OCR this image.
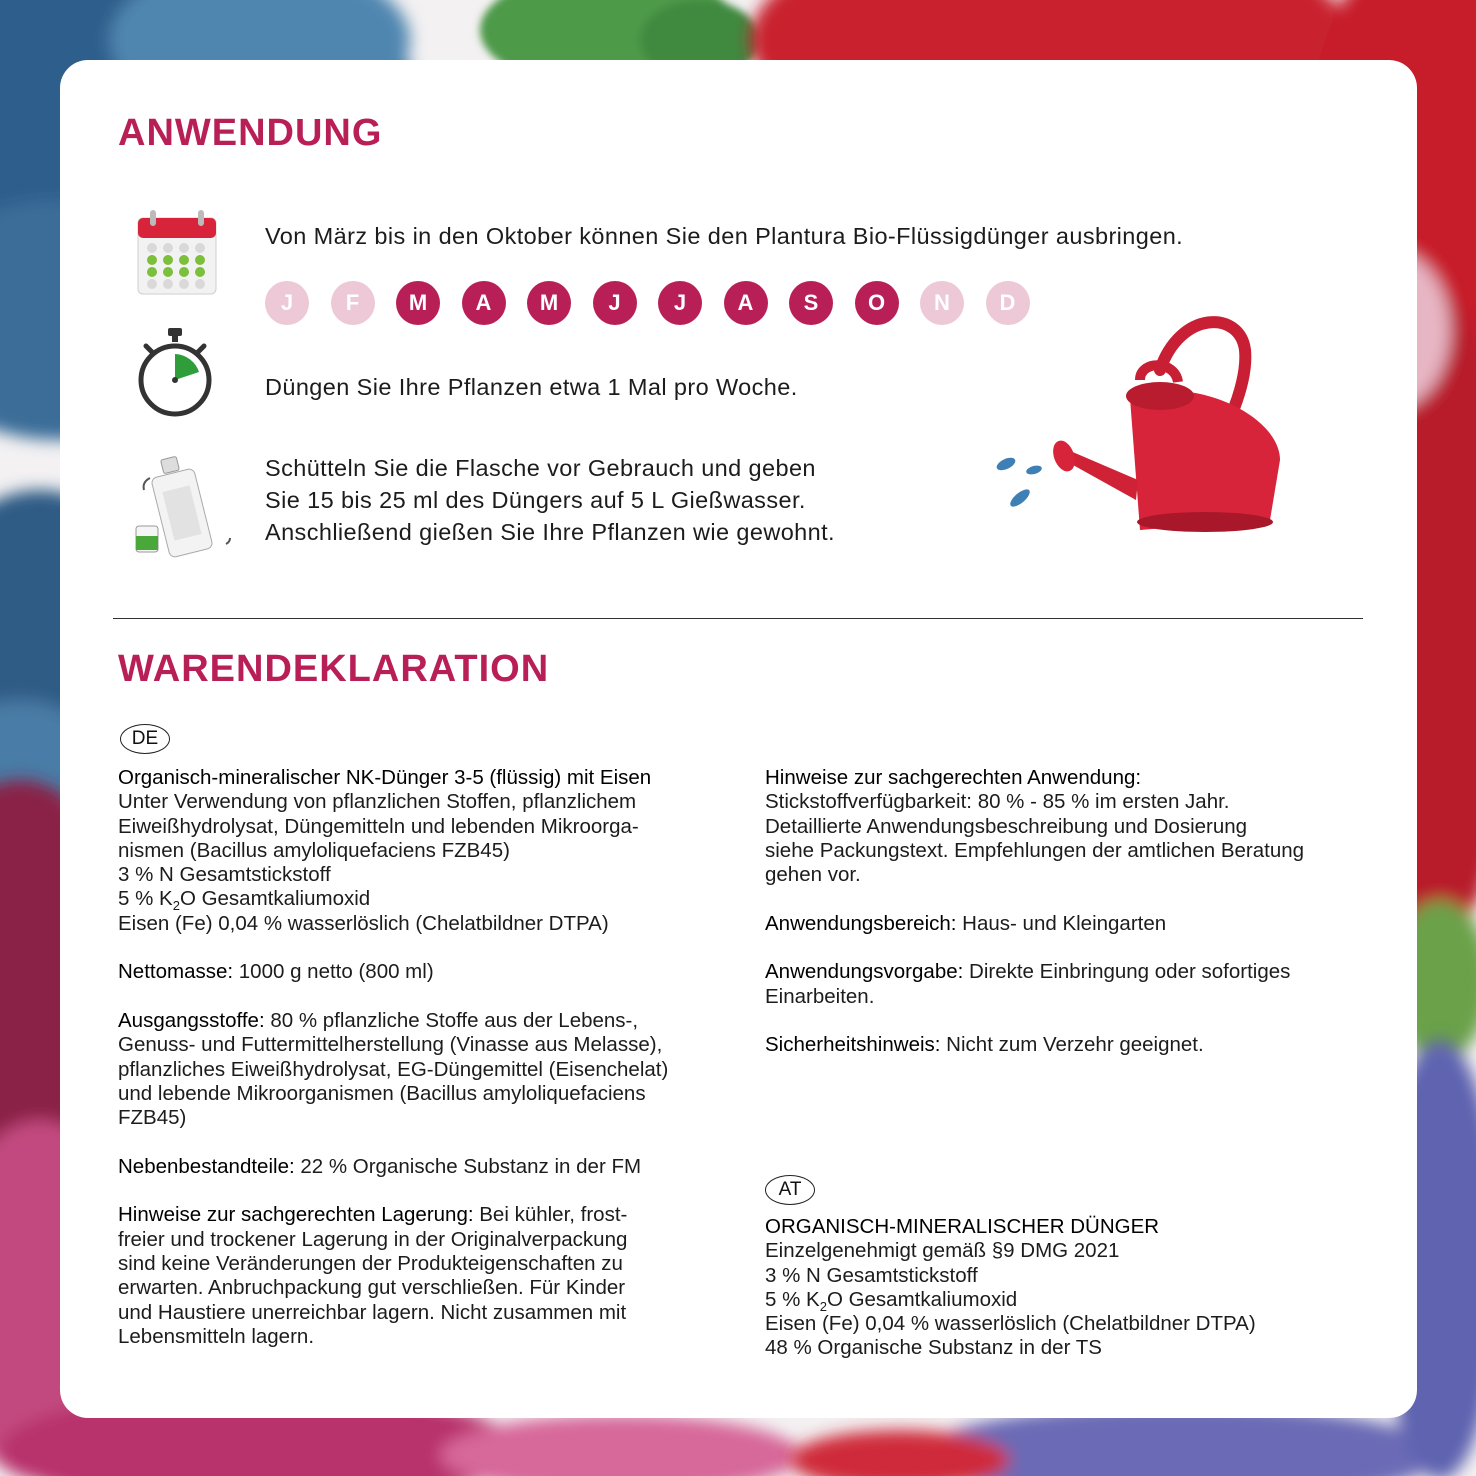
ANWENDUNG
Von März bis in den Oktober können Sie den Plantura Bio-Flüssigdünger ausbringen.
J	F	M	A	M	J	J	A	S	O	N	D
Düngen Sie Ihre Pflanzen etwa 1 Mal pro Woche.
Schütteln Sie die Flasche vor Gebrauch und geben
Sie 15 bis 25 ml des Düngers auf 5 L Gießwasser.
Anschließend gießen Sie Ihre Pflanzen wie gewohnt.
WARENDEKLARATION
DE
Organisch-mineralischer NK-Dünger 3-5 (flüssig) mit Eisen
Unter Verwendung von pflanzlichen Stoffen, pflanzlichem
Eiweißhydrolysat, Düngemitteln und lebenden Mikroorga-
nismen (Bacillus amyloliquefaciens FZB45)
3 % N Gesamtstickstoff
5 % $K_2O$ Gesamtkaliumoxid
Eisen (Fe) 0,04 % wasserlöslich (Chelatbildner DTPA)
Nettomasse: 1000 g netto (800 ml)
Ausgangsstoffe: 80 % pflanzliche Stoffe aus der Lebens-,
Genuss- und Futtermittelherstellung (Vinasse aus Melasse),
pflanzliches Eiweißhydrolysat, EG-Düngemittel (Eisenchelat)
und lebende Mikroorganismen (Bacillus amyloliquefaciens
FZB45)
Nebenbestandteile: 22 % Organische Substanz in der FM
Hinweise zur sachgerechten Lagerung: Bei kühler, frost-
freier und trockener Lagerung in der Originalverpackung
sind keine Veränderungen der Produkteigenschaften zu
erwarten. Anbruchpackung gut verschließen. Für Kinder
und Haustiere unerreichbar lagern. Nicht zusammen mit
Lebensmitteln lagern.
Hinweise zur sachgerechten Anwendung:
Stickstoffverfügbarkeit: 80 % - 85 % im ersten Jahr.
Detaillierte Anwendungsbeschreibung und Dosierung
siehe Packungstext. Empfehlungen der amtlichen Beratung
gehen vor.
Anwendungsbereich: Haus- und Kleingarten
Anwendungsvorgabe: Direkte Einbringung oder sofortiges
Einarbeiten.
Sicherheitshinweis: Nicht zum Verzehr geeignet.
AT
ORGANISCH-MINERALISCHER DÜNGER
Einzelgenehmigt gemäß §9 DMG 2021
3 % N Gesamtstickstoff
5 % $K_2O$ Gesamtkaliumoxid
Eisen (Fe) 0,04 % wasserlöslich (Chelatbildner DTPA)
48 % Organische Substanz in der TS
